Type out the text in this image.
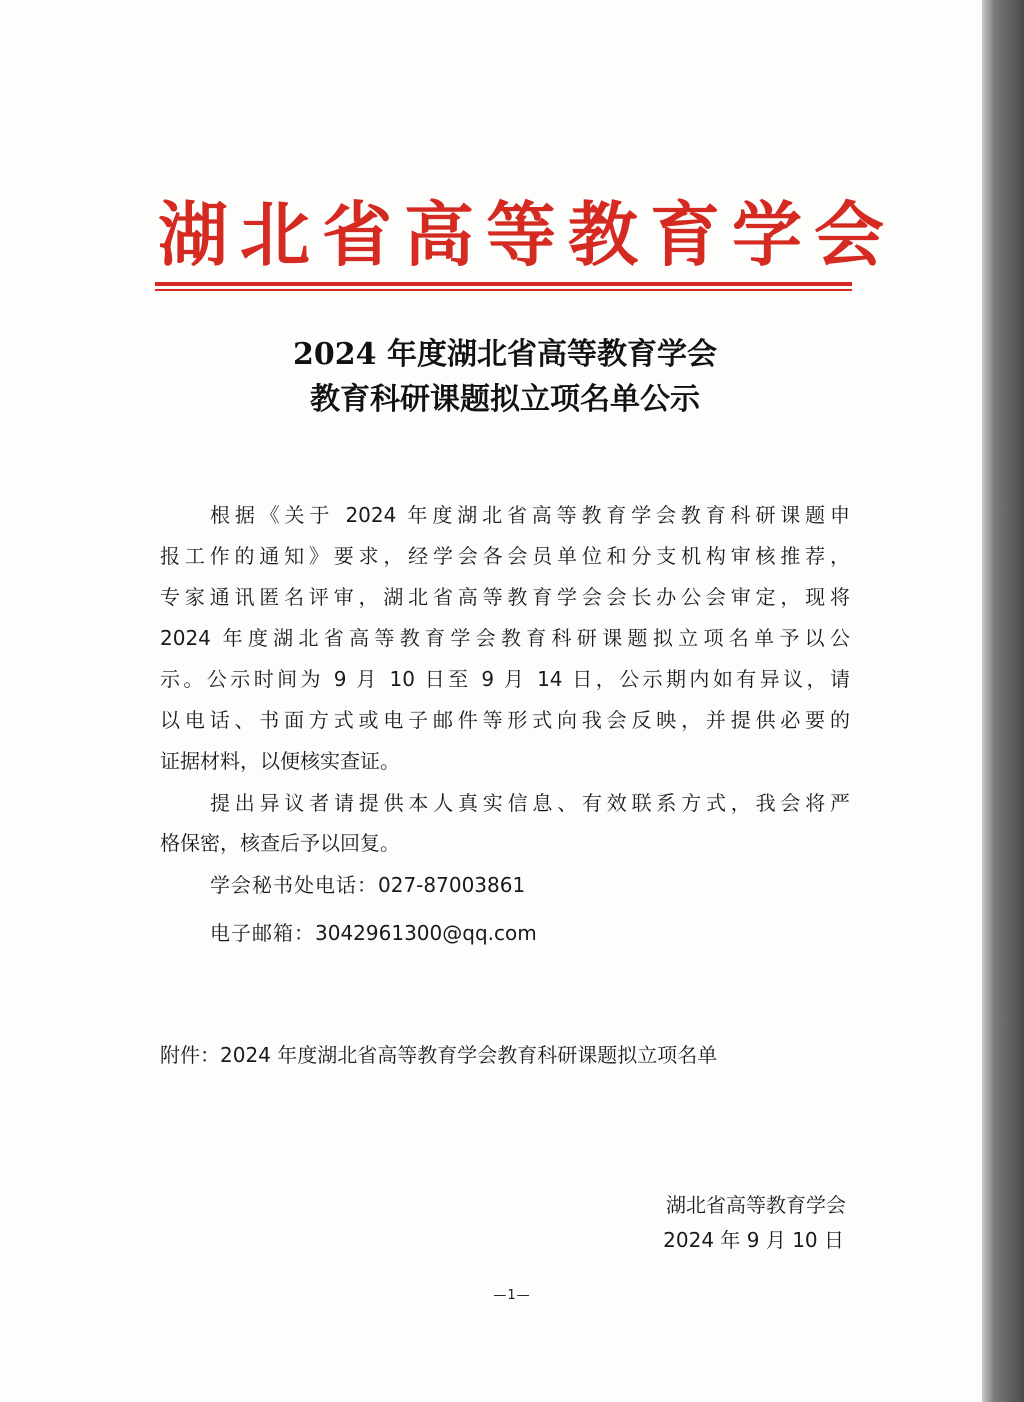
湖北省高等教育学会
2024 年度湖北省高等教育学会
教育科研课题拟立项名单公示
根据《关于 2024 年度湖北省高等教育学会教育科研课题申
报工作的通知》要求，经学会各会员单位和分支机构审核推荐，
专家通讯匿名评审，湖北省高等教育学会会长办公会审定，现将
2024 年度湖北省高等教育学会教育科研课题拟立项名单予以公
示。公示时间为 9 月 10 日至 9 月 14 日，公示期内如有异议，请
以电话、书面方式或电子邮件等形式向我会反映，并提供必要的
证据材料，以便核实查证。
提出异议者请提供本人真实信息、有效联系方式，我会将严
格保密，核查后予以回复。
学会秘书处电话：027-87003861
电子邮箱：3042961300@qq.com
附件：2024 年度湖北省高等教育学会教育科研课题拟立项名单
湖北省高等教育学会
2024 年 9 月 10 日
—1—
